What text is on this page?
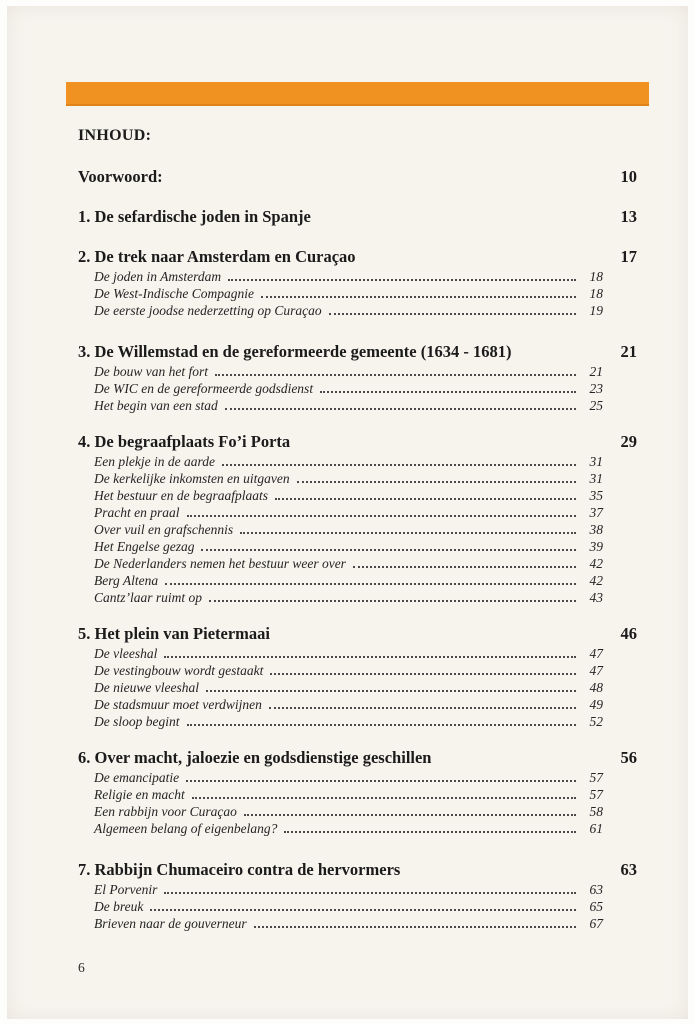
INHOUD:
Voorwoord:	10
1. De sefardische joden in Spanje	13
2. De trek naar Amsterdam en Curaçao	17
De joden in Amsterdam	18
De West-Indische Compagnie	18
De eerste joodse nederzetting op Curaçao	19
3. De Willemstad en de gereformeerde gemeente (1634 - 1681)	21
De bouw van het fort	21
De WIC en de gereformeerde godsdienst	23
Het begin van een stad	25
4. De begraafplaats Fo’i Porta	29
Een plekje in de aarde	31
De kerkelijke inkomsten en uitgaven	31
Het bestuur en de begraafplaats	35
Pracht en praal	37
Over vuil en grafschennis	38
Het Engelse gezag	39
De Nederlanders nemen het bestuur weer over	42
Berg Altena	42
Cantz’laar ruimt op	43
5. Het plein van Pietermaai	46
De vleeshal	47
De vestingbouw wordt gestaakt	47
De nieuwe vleeshal	48
De stadsmuur moet verdwijnen	49
De sloop begint	52
6. Over macht, jaloezie en godsdienstige geschillen	56
De emancipatie	57
Religie en macht	57
Een rabbijn voor Curaçao	58
Algemeen belang of eigenbelang?	61
7. Rabbijn Chumaceiro contra de hervormers	63
El Porvenir	63
De breuk	65
Brieven naar de gouverneur	67
6
